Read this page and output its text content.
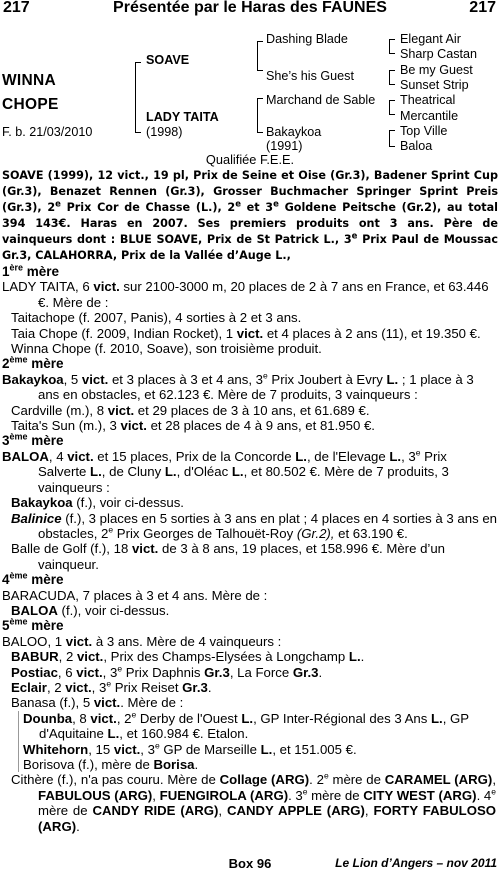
217	Présentée par le Haras des FAUNES	217
WINNA
CHOPE
F. b. 21/03/2010
SOAVE
LADY TAITA
(1998)
Dashing Blade
She’s his Guest
Marchand de Sable
Bakaykoa
(1991)
Elegant Air
Sharp Castan
Be my Guest
Sunset Strip
Theatrical
Mercantile
Top Ville
Baloa
Qualifiée F.E.E.

SOAVE (1999), 12 vict., 19 pl, Prix de Seine et Oise (Gr.3), Badener Sprint Cup (Gr.3), Benazet Rennen (Gr.3), Grosser Buchmacher Springer Sprint Preis (Gr.3), 2e Prix Cor de Chasse (L.), 2e et 3e Goldene Peitsche (Gr.2), au total 394 143€. Haras en 2007. Ses premiers produits ont 3 ans. Père de vainqueurs dont : BLUE SOAVE, Prix de St Patrick L., 3e Prix Paul de Moussac Gr.3, CALAHORRA, Prix de la Vallée d’Auge L.,

1ère mère

LADY TAITA, 6 vict. sur 2100-3000 m, 20 places de 2 à 7 ans en France, et 63.446 €. Mère de :

Taitachope (f. 2007, Panis), 4 sorties à 2 et 3 ans.

Taia Chope (f. 2009, Indian Rocket), 1 vict. et 4 places à 2 ans (11), et 19.350 €.

Winna Chope (f. 2010, Soave), son troisième produit.

2ème mère

Bakaykoa, 5 vict. et 3 places à 3 et 4 ans, 3e Prix Joubert à Evry L. ; 1 place à 3 ans en obstacles, et 62.123 €. Mère de 7 produits, 3 vainqueurs :

Cardville (m.), 8 vict. et 29 places de 3 à 10 ans, et 61.689 €.

Taita's Sun (m.), 3 vict. et 28 places de 4 à 9 ans, et 81.950 €.

3ème mère

BALOA, 4 vict. et 15 places, Prix de la Concorde L., de l'Elevage L., 3e Prix Salverte L., de Cluny L., d'Oléac L., et 80.502 €. Mère de 7 produits, 3 vainqueurs :

Bakaykoa (f.), voir ci-dessus.

Balinice (f.), 3 places en 5 sorties à 3 ans en plat ; 4 places en 4 sorties à 3 ans en obstacles, 2e Prix Georges de Talhouët-Roy (Gr.2), et 63.190 €.

Balle de Golf (f.), 18 vict. de 3 à 8 ans, 19 places, et 158.996 €. Mère d’un vainqueur.

4ème mère

BARACUDA, 7 places à 3 et 4 ans. Mère de :

BALOA (f.), voir ci-dessus.

5ème mère

BALOO, 1 vict. à 3 ans. Mère de 4 vainqueurs :

BABUR, 2 vict., Prix des Champs-Elysées à Longchamp L..

Postiac, 6 vict., 3e Prix Daphnis Gr.3, La Force Gr.3.

Eclair, 2 vict., 3e Prix Reiset Gr.3.

Banasa (f.), 5 vict.. Mère de :

Dounba, 8 vict., 2e Derby de l'Ouest L., GP Inter-Régional des 3 Ans L., GP d'Aquitaine L., et 160.984 €. Etalon.

Whitehorn, 15 vict., 3e GP de Marseille L., et 151.005 €.

Borisova (f.), mère de Borisa.

Cithère (f.), n'a pas couru. Mère de Collage (ARG). 2e mère de CARAMEL (ARG), FABULOUS (ARG), FUENGIROLA (ARG). 3e mère de CITY WEST (ARG). 4e mère de CANDY RIDE (ARG), CANDY APPLE (ARG), FORTY FABULOSO (ARG).

Box 96	Le Lion d’Angers – nov 2011
